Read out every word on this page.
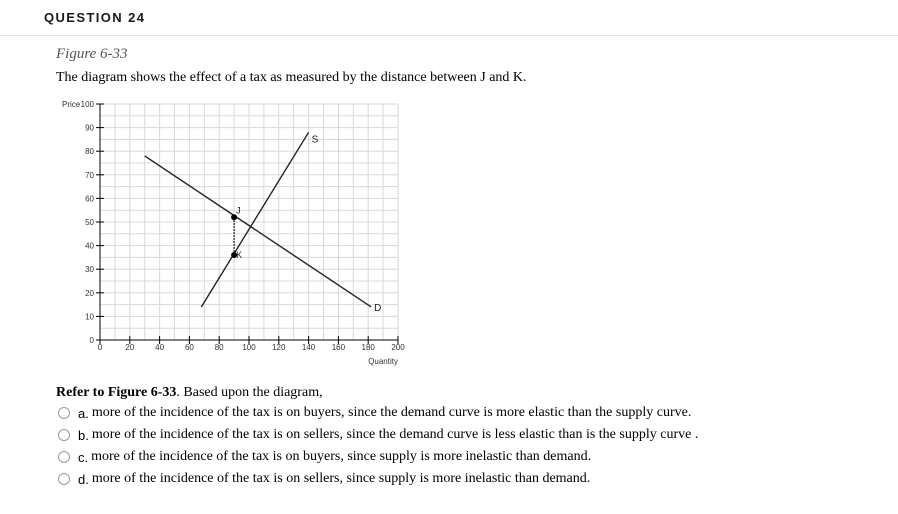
QUESTION 24
Figure 6-33
The diagram shows the effect of a tax as measured by the distance between J and K.
0
10
20
30
40
50
60
70
80
90
100
0	20	40	60	80 100 120 140 160 180 200
Price
Quantity
D
S
J
K
Refer to Figure 6-33. Based upon the diagram,
a. more of the incidence of the tax is on buyers, since the demand curve is more elastic than the supply curve.
b. more of the incidence of the tax is on sellers, since the demand curve is less elastic than is the supply curve .
c. more of the incidence of the tax is on buyers, since supply is more inelastic than demand.
d. more of the incidence of the tax is on sellers, since supply is more inelastic than demand.
